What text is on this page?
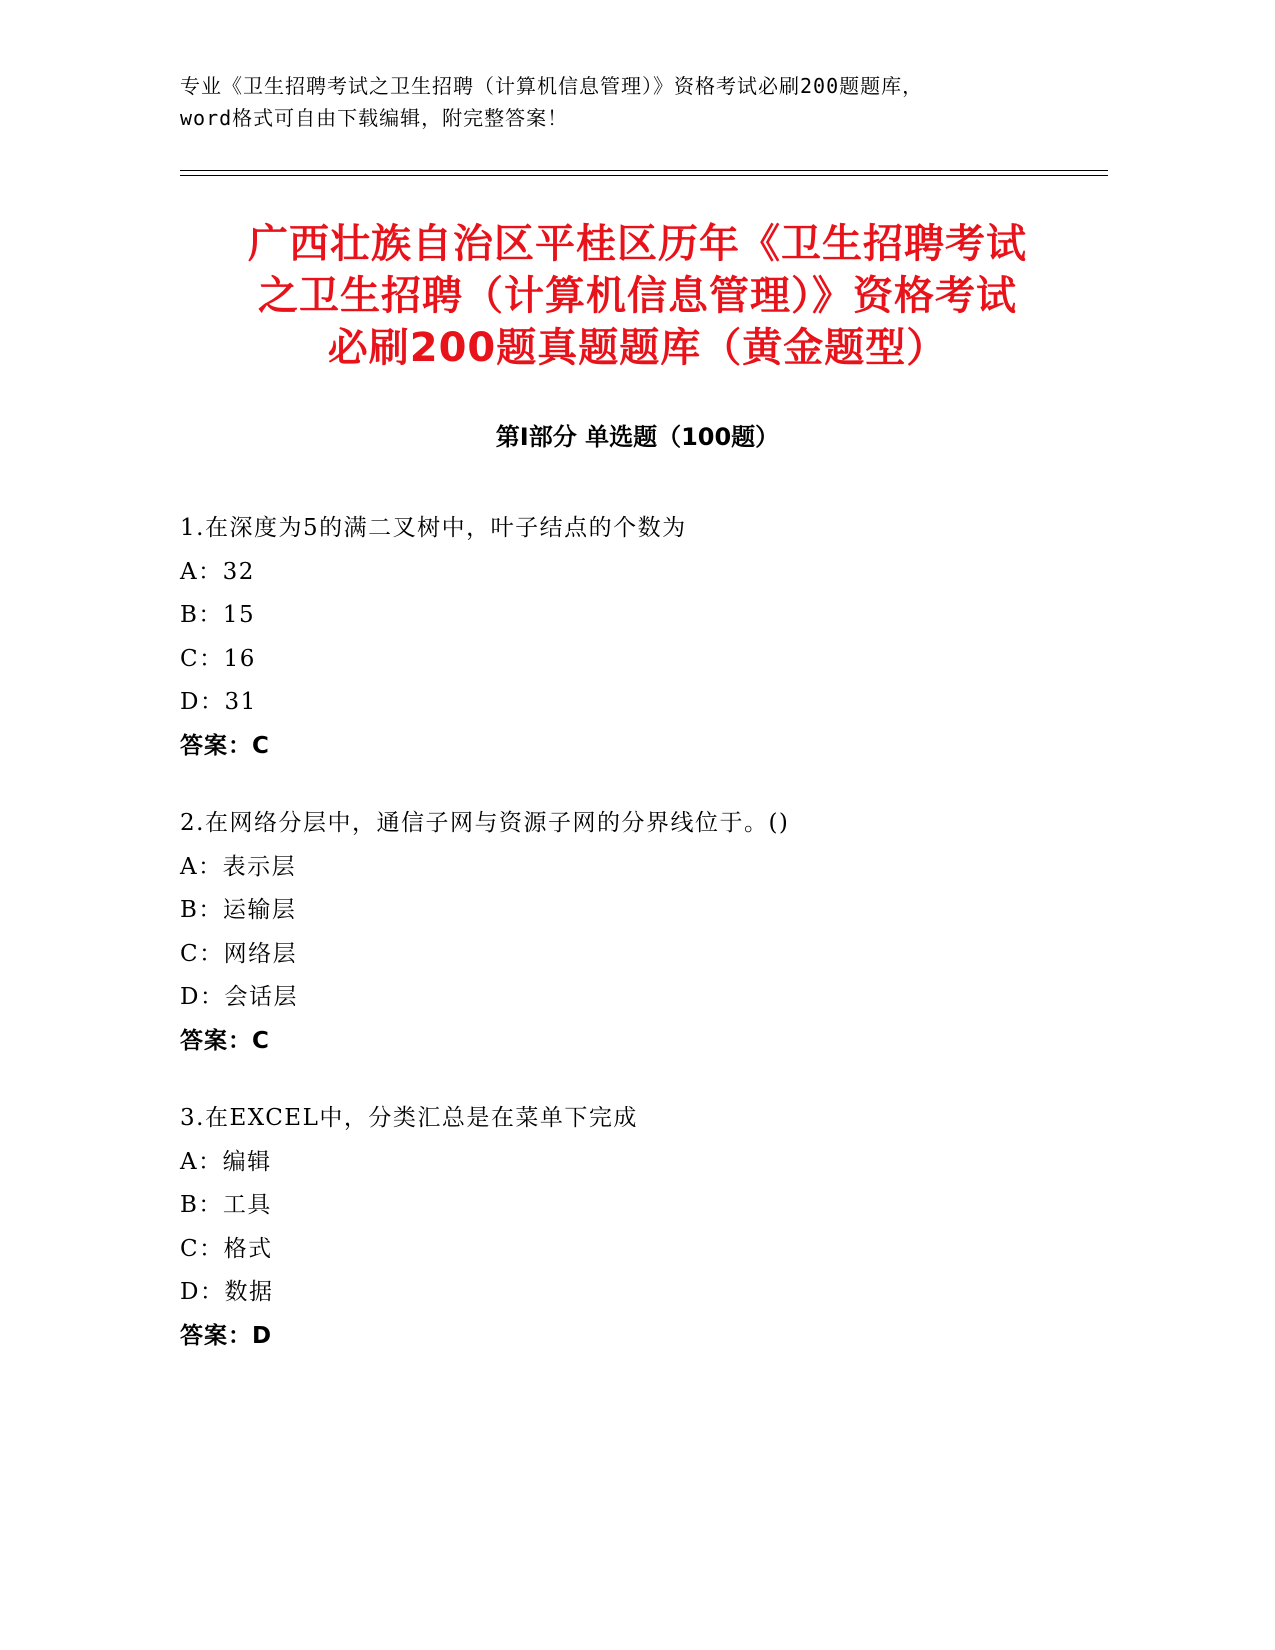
专业《卫生招聘考试之卫生招聘（计算机信息管理）》资格考试必刷200题题库，
word格式可自由下载编辑，附完整答案！
广西壮族自治区平桂区历年《卫生招聘考试
之卫生招聘（计算机信息管理）》资格考试
必刷200题真题题库（黄金题型）
第Ⅰ部分 单选题（100题）
1.在深度为5的满二叉树中，叶子结点的个数为
A：32
B：15
C：16
D：31
答案：C
2.在网络分层中，通信子网与资源子网的分界线位于。()
A：表示层
B：运输层
C：网络层
D：会话层
答案：C
3.在EXCEL中，分类汇总是在菜单下完成
A：编辑
B：工具
C：格式
D：数据
答案：D
